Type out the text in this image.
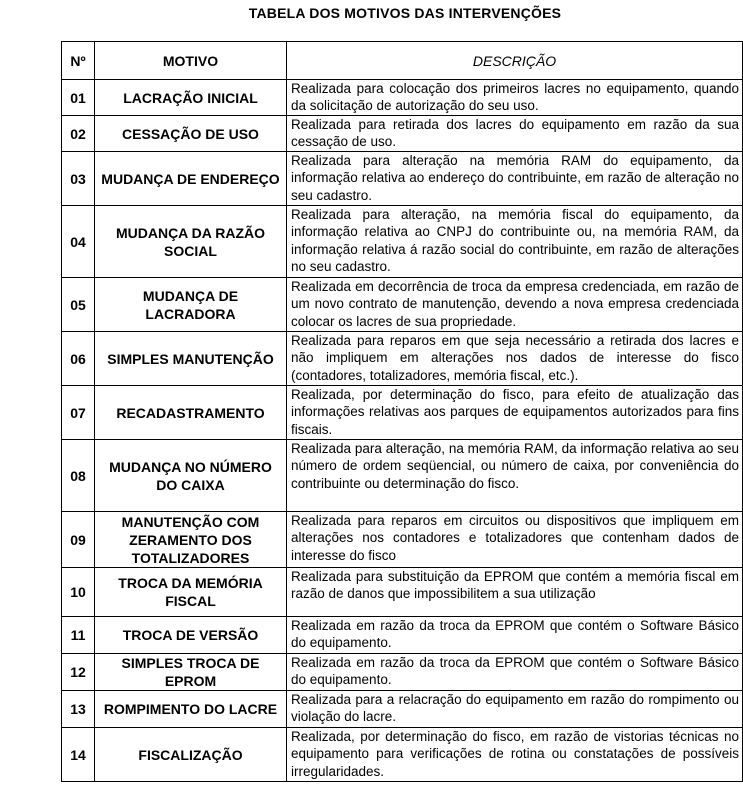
TABELA DOS MOTIVOS DAS INTERVENÇÕES
Nº	MOTIVO	DESCRIÇÃO
01	LACRAÇÃO INICIAL	Realizada para colocação dos primeiros lacres no equipamento, quando da solicitação de autorização do seu uso.
02	CESSAÇÃO DE USO	Realizada para retirada dos lacres do equipamento em razão da sua cessação de uso.
03	MUDANÇA DE ENDEREÇO	Realizada para alteração na memória RAM do equipamento, da informação relativa ao endereço do contribuinte, em razão de alteração no seu cadastro.
04	MUDANÇA DA RAZÃO SOCIAL	Realizada para alteração, na memória fiscal do equipamento, da informação relativa ao CNPJ do contribuinte ou, na memória RAM, da informação relativa á razão social do contribuinte, em razão de alterações no seu cadastro.
05	MUDANÇA DE LACRADORA	Realizada em decorrência de troca da empresa credenciada, em razão de um novo contrato de manutenção, devendo a nova empresa credenciada colocar os lacres de sua propriedade.
06	SIMPLES MANUTENÇÃO	Realizada para reparos em que seja necessário a retirada dos lacres e não impliquem em alterações nos dados de interesse do fisco (contadores, totalizadores, memória fiscal, etc.).
07	RECADASTRAMENTO	Realizada, por determinação do fisco, para efeito de atualização das informações relativas aos parques de equipamentos autorizados para fins fiscais.
08	MUDANÇA NO NÚMERO DO CAIXA	Realizada para alteração, na memória RAM, da informação relativa ao seu número de ordem seqüencial, ou número de caixa, por conveniência do contribuinte ou determinação do fisco.
09	MANUTENÇÃO COM ZERAMENTO DOS TOTALIZADORES	Realizada para reparos em circuitos ou dispositivos que impliquem em alterações nos contadores e totalizadores que contenham dados de interesse do fisco
10	TROCA DA MEMÓRIA FISCAL	Realizada para substituição da EPROM que contém a memória fiscal em razão de danos que impossibilitem a sua utilização
11	TROCA DE VERSÃO	Realizada em razão da troca da EPROM que contém o Software Básico do equipamento.
12	SIMPLES TROCA DE EPROM	Realizada em razão da troca da EPROM que contém o Software Básico do equipamento.
13	ROMPIMENTO DO LACRE	Realizada para a relacração do equipamento em razão do rompimento ou violação do lacre.
14	FISCALIZAÇÃO	Realizada, por determinação do fisco, em razão de vistorias técnicas no equipamento para verificações de rotina ou constatações de possíveis irregularidades.
